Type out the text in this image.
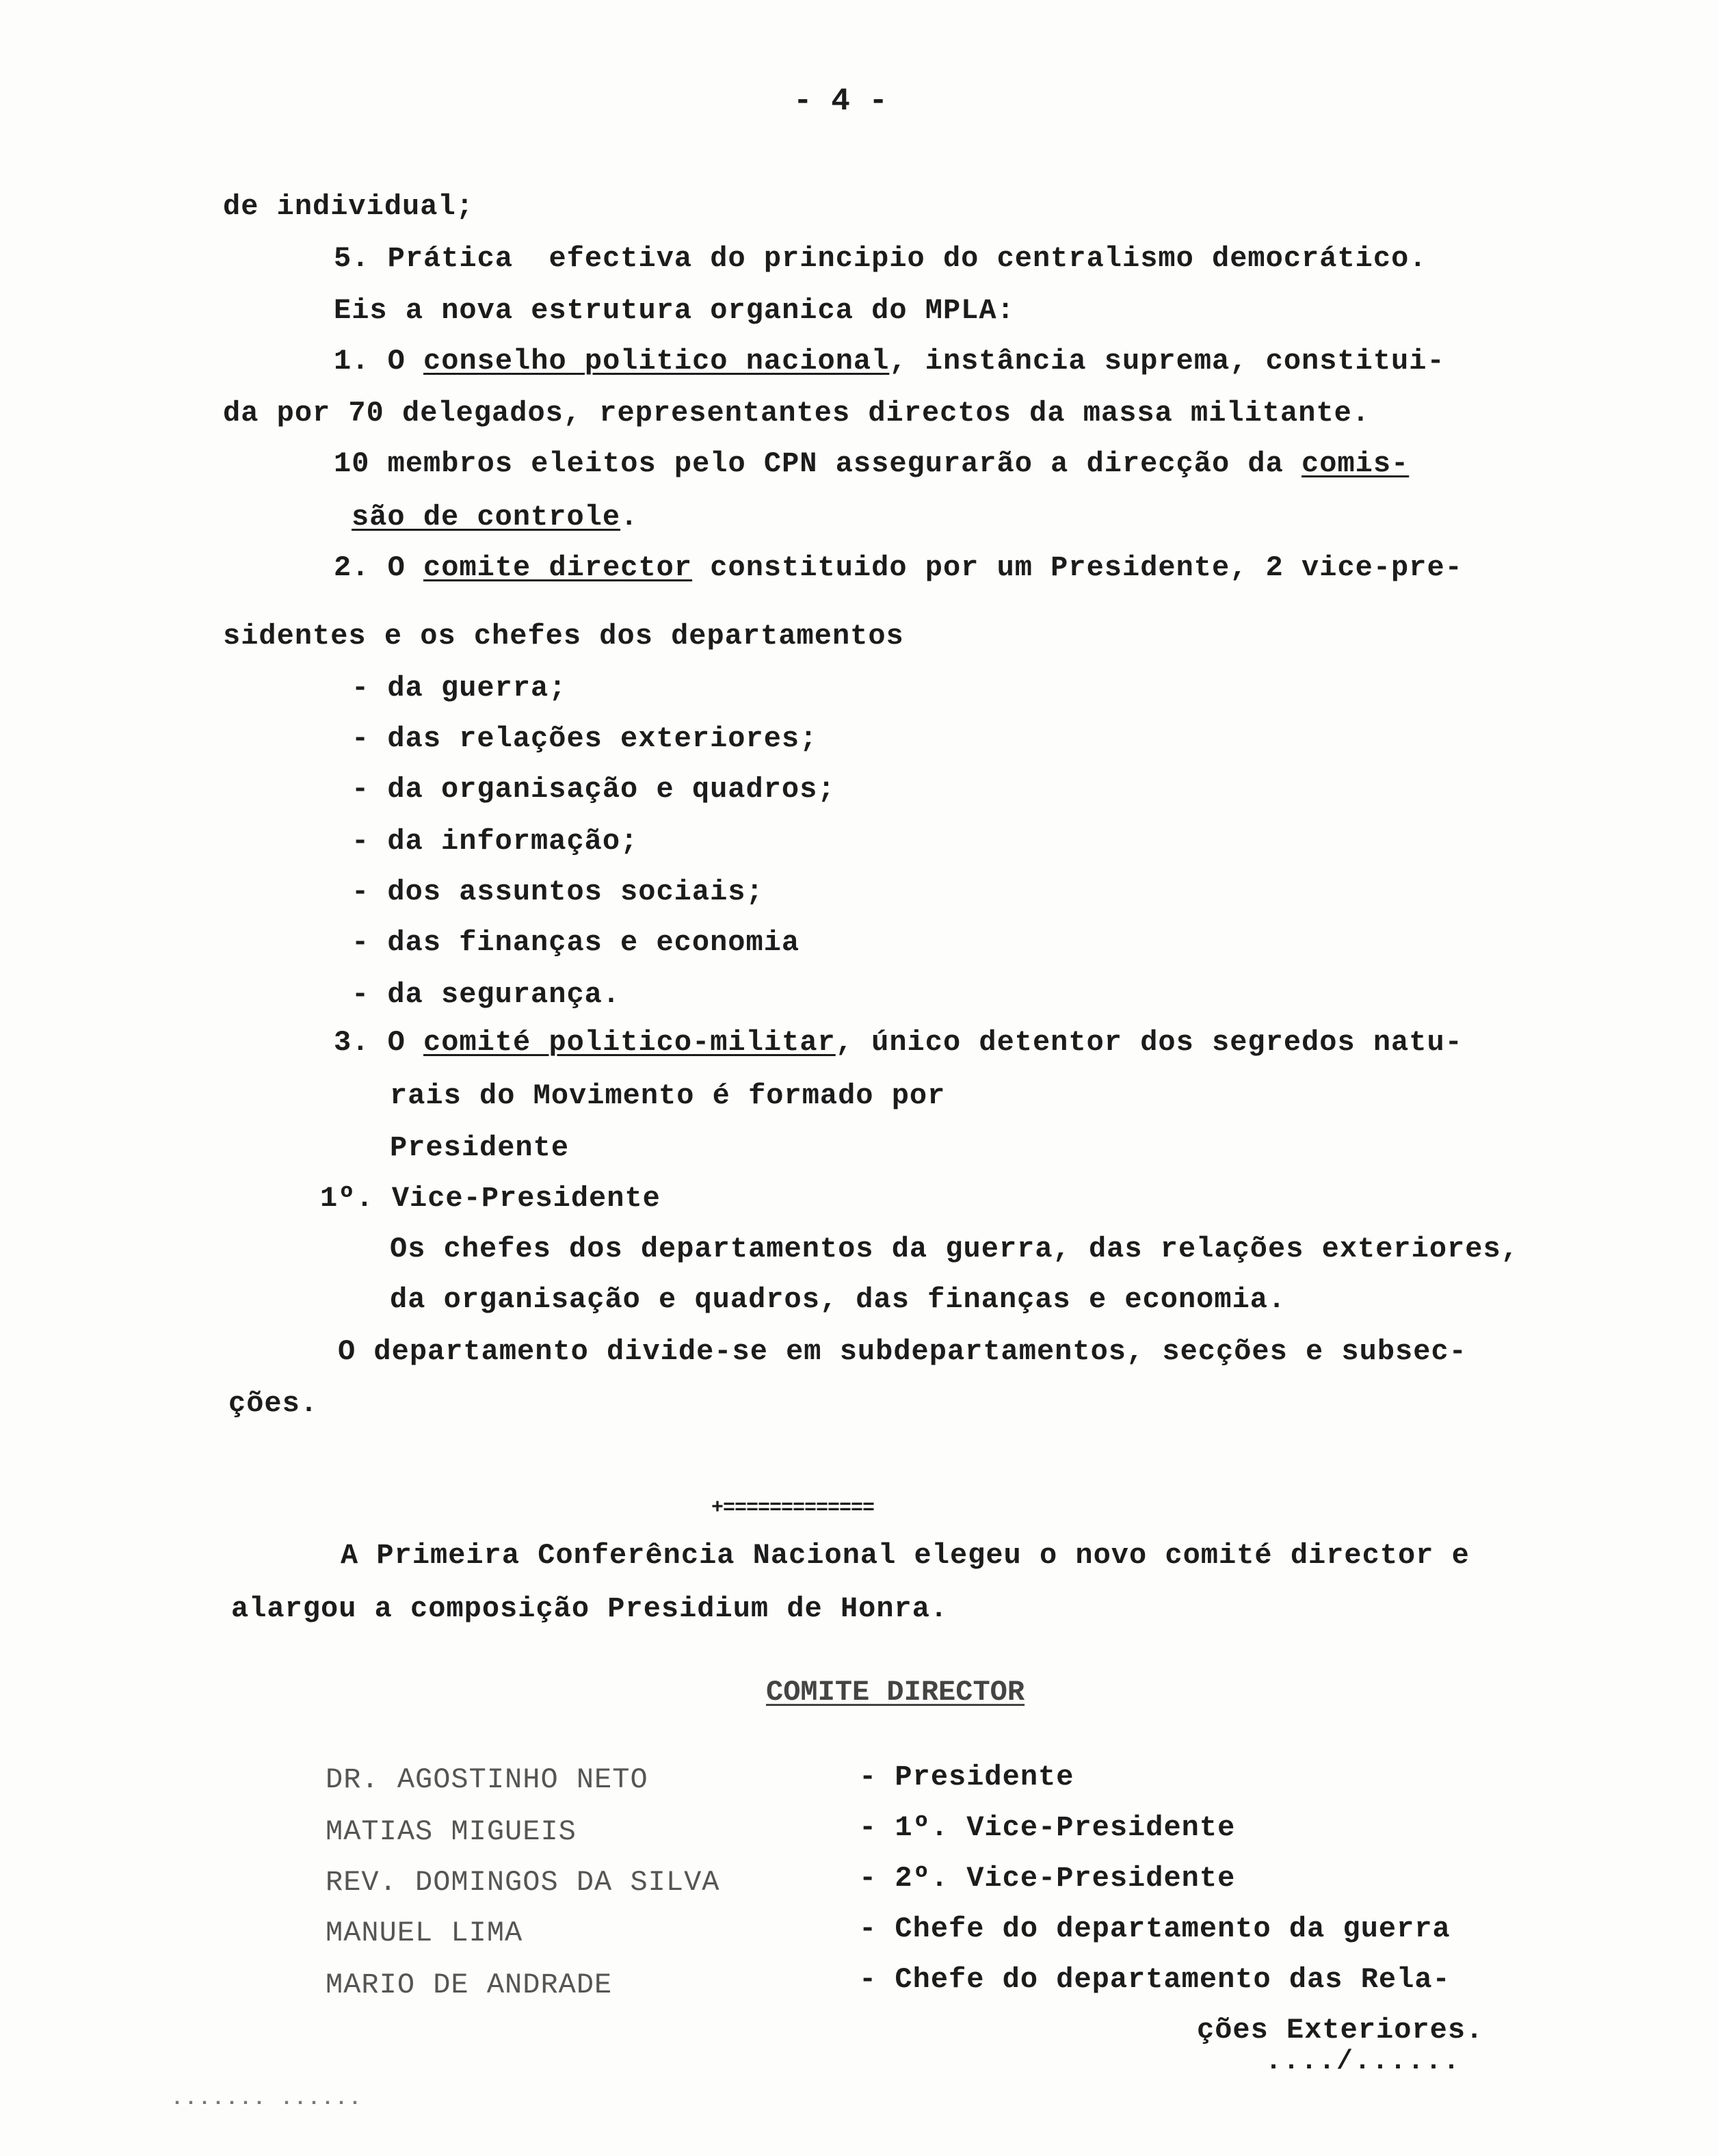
- 4 -
de individual;
5. Prática  efectiva do principio do centralismo democrático.
Eis a nova estrutura organica do MPLA:
1. O conselho politico nacional, instância suprema, constitui-
da por 70 delegados, representantes directos da massa militante.
10 membros eleitos pelo CPN assegurarão a direcção da comis-
são de controle.
2. O comite director constituido por um Presidente, 2 vice-pre-
sidentes e os chefes dos departamentos
- da guerra;
- das relações exteriores;
- da organisação e quadros;
- da informação;
- dos assuntos sociais;
- das finanças e economia
- da segurança.
3. O comité politico-militar, único detentor dos segredos natu-
rais do Movimento é formado por
Presidente
1º. Vice-Presidente
Os chefes dos departamentos da guerra, das relações exteriores,
da organisação e quadros, das finanças e economia.
O departamento divide-se em subdepartamentos, secções e subsec-
ções.
+=============
A Primeira Conferência Nacional elegeu o novo comité director e
alargou a composição Presidium de Honra.
COMITE DIRECTOR
DR. AGOSTINHO NETO	- Presidente
MATIAS MIGUEIS	- 1º. Vice-Presidente
REV. DOMINGOS DA SILVA	- 2º. Vice-Presidente
MANUEL LIMA	- Chefe do departamento da guerra
MARIO DE ANDRADE	- Chefe do departamento das Rela-
ções Exteriores.
..../......
....... ......
